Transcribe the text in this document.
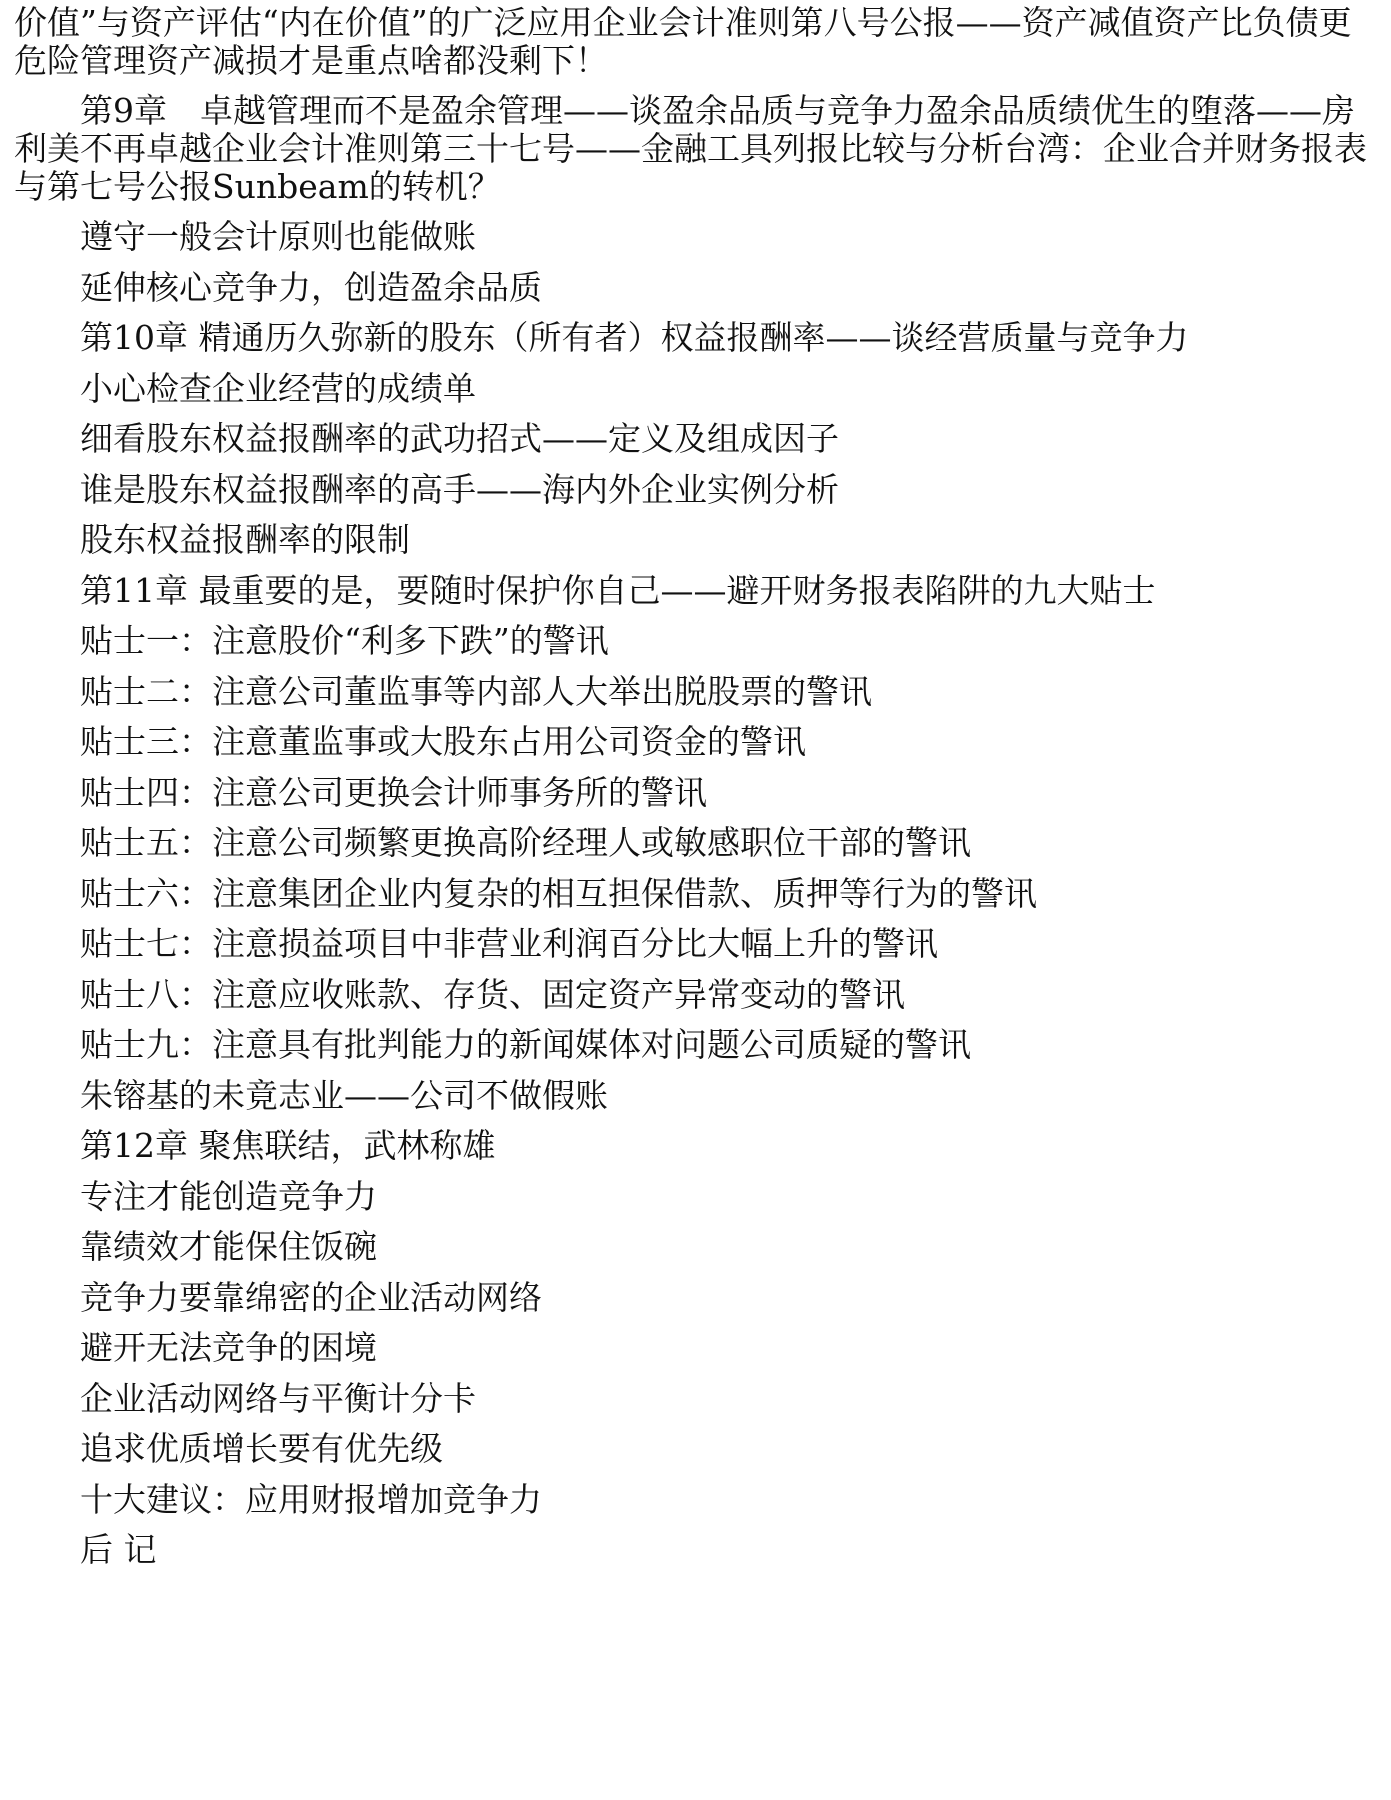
价值”与资产评估“内在价值”的广泛应用企业会计准则第八号公报——资产减值资产比负债更危险管理资产减损才是重点啥都没剩下！

第9章　卓越管理而不是盈余管理——谈盈余品质与竞争力盈余品质绩优生的堕落——房利美不再卓越企业会计准则第三十七号——金融工具列报比较与分析台湾：企业合并财务报表与第七号公报Sunbeam的转机？

遵守一般会计原则也能做账
延伸核心竞争力，创造盈余品质
第10章 精通历久弥新的股东（所有者）权益报酬率——谈经营质量与竞争力
小心检查企业经营的成绩单
细看股东权益报酬率的武功招式——定义及组成因子
谁是股东权益报酬率的高手——海内外企业实例分析
股东权益报酬率的限制
第11章 最重要的是，要随时保护你自己——避开财务报表陷阱的九大贴士
贴士一：注意股价“利多下跌”的警讯
贴士二：注意公司董监事等内部人大举出脱股票的警讯
贴士三：注意董监事或大股东占用公司资金的警讯
贴士四：注意公司更换会计师事务所的警讯
贴士五：注意公司频繁更换高阶经理人或敏感职位干部的警讯
贴士六：注意集团企业内复杂的相互担保借款、质押等行为的警讯
贴士七：注意损益项目中非营业利润百分比大幅上升的警讯
贴士八：注意应收账款、存货、固定资产异常变动的警讯
贴士九：注意具有批判能力的新闻媒体对问题公司质疑的警讯
朱镕基的未竟志业——公司不做假账
第12章 聚焦联结，武林称雄
专注才能创造竞争力
靠绩效才能保住饭碗
竞争力要靠绵密的企业活动网络
避开无法竞争的困境
企业活动网络与平衡计分卡
追求优质增长要有优先级
十大建议：应用财报增加竞争力
后 记
